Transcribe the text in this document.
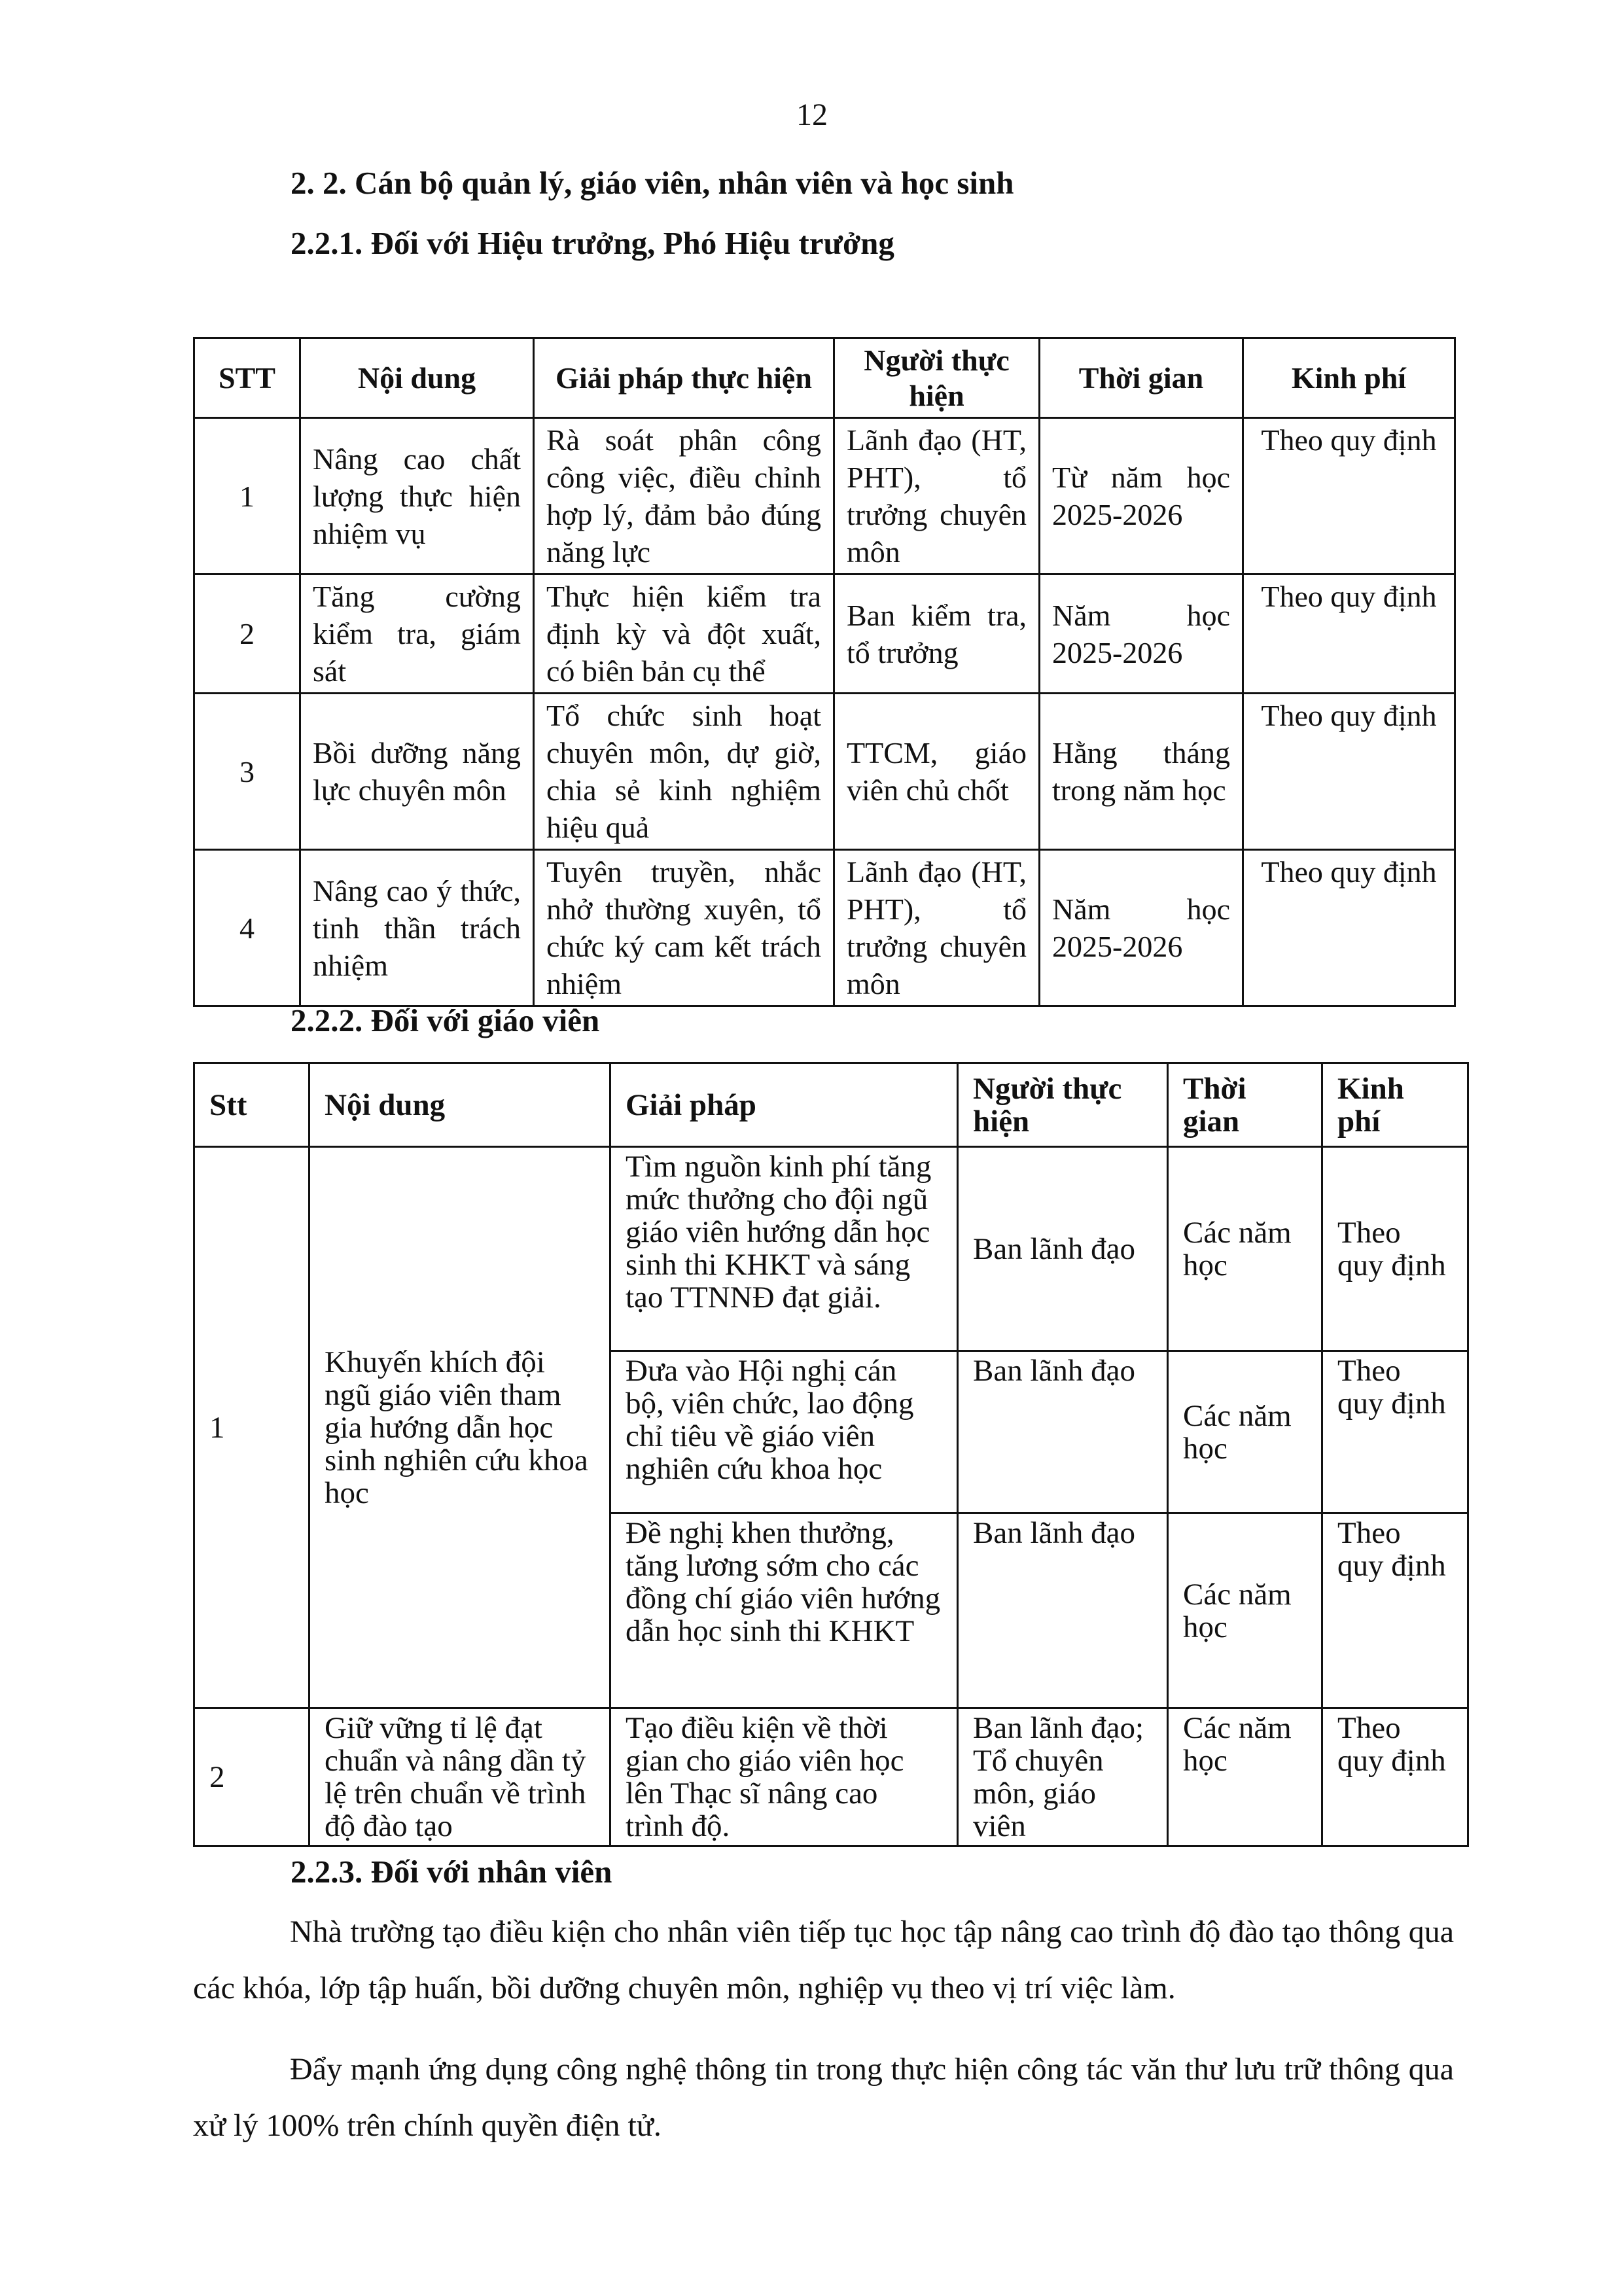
12
2. 2. Cán bộ quản lý, giáo viên, nhân viên và học sinh
2.2.1. Đối với Hiệu trưởng, Phó Hiệu trưởng
STT	Nội dung	Giải pháp thực hiện	Người thực hiện	Thời gian	Kinh phí
1	Nâng cao chất lượng thực hiện nhiệm vụ	Rà soát phân công công việc, điều chỉnh hợp lý, đảm bảo đúng năng lực	Lãnh đạo (HT, PHT), tổ trưởng chuyên môn	Từ năm học 2025-2026	Theo quy định
2	Tăng cường kiểm tra, giám sát	Thực hiện kiểm tra định kỳ và đột xuất, có biên bản cụ thể	Ban kiểm tra, tổ trưởng	Năm học 2025-2026	Theo quy định
3	Bồi dưỡng năng lực chuyên môn	Tổ chức sinh hoạt chuyên môn, dự giờ, chia sẻ kinh nghiệm hiệu quả	TTCM, giáo viên chủ chốt	Hằng tháng trong năm học	Theo quy định
4	Nâng cao ý thức, tinh thần trách nhiệm	Tuyên truyền, nhắc nhở thường xuyên, tổ chức ký cam kết trách nhiệm	Lãnh đạo (HT, PHT), tổ trưởng chuyên môn	Năm học 2025-2026	Theo quy định
2.2.2. Đối với giáo viên
Stt	Nội dung	Giải pháp	Người thực hiện	Thời gian	Kinh phí
1	Khuyến khích đội ngũ giáo viên tham gia hướng dẫn học sinh nghiên cứu khoa học	Tìm nguồn kinh phí tăng mức thưởng cho đội ngũ giáo viên hướng dẫn học sinh thi KHKT và sáng tạo TTNNĐ đạt giải.	Ban lãnh đạo	Các năm học	Theo quy định
		Đưa vào Hội nghị cán bộ, viên chức, lao động chỉ tiêu về giáo viên nghiên cứu khoa học	Ban lãnh đạo	Các năm học	Theo quy định
		Đề nghị khen thưởng, tăng lương sớm cho các đồng chí giáo viên hướng dẫn học sinh thi KHKT	Ban lãnh đạo	Các năm học	Theo quy định
2	Giữ vững tỉ lệ đạt chuẩn và nâng dần tỷ lệ trên chuẩn về trình độ đào tạo	Tạo điều kiện về thời gian cho giáo viên học lên Thạc sĩ nâng cao trình độ.	Ban lãnh đạo; Tổ chuyên môn, giáo viên	Các năm học	Theo quy định
2.2.3. Đối với nhân viên

Nhà trường tạo điều kiện cho nhân viên tiếp tục học tập nâng cao trình độ đào tạo thông qua các khóa, lớp tập huấn, bồi dưỡng chuyên môn, nghiệp vụ theo vị trí việc làm.

Đẩy mạnh ứng dụng công nghệ thông tin trong thực hiện công tác văn thư lưu trữ thông qua xử lý 100% trên chính quyền điện tử.
